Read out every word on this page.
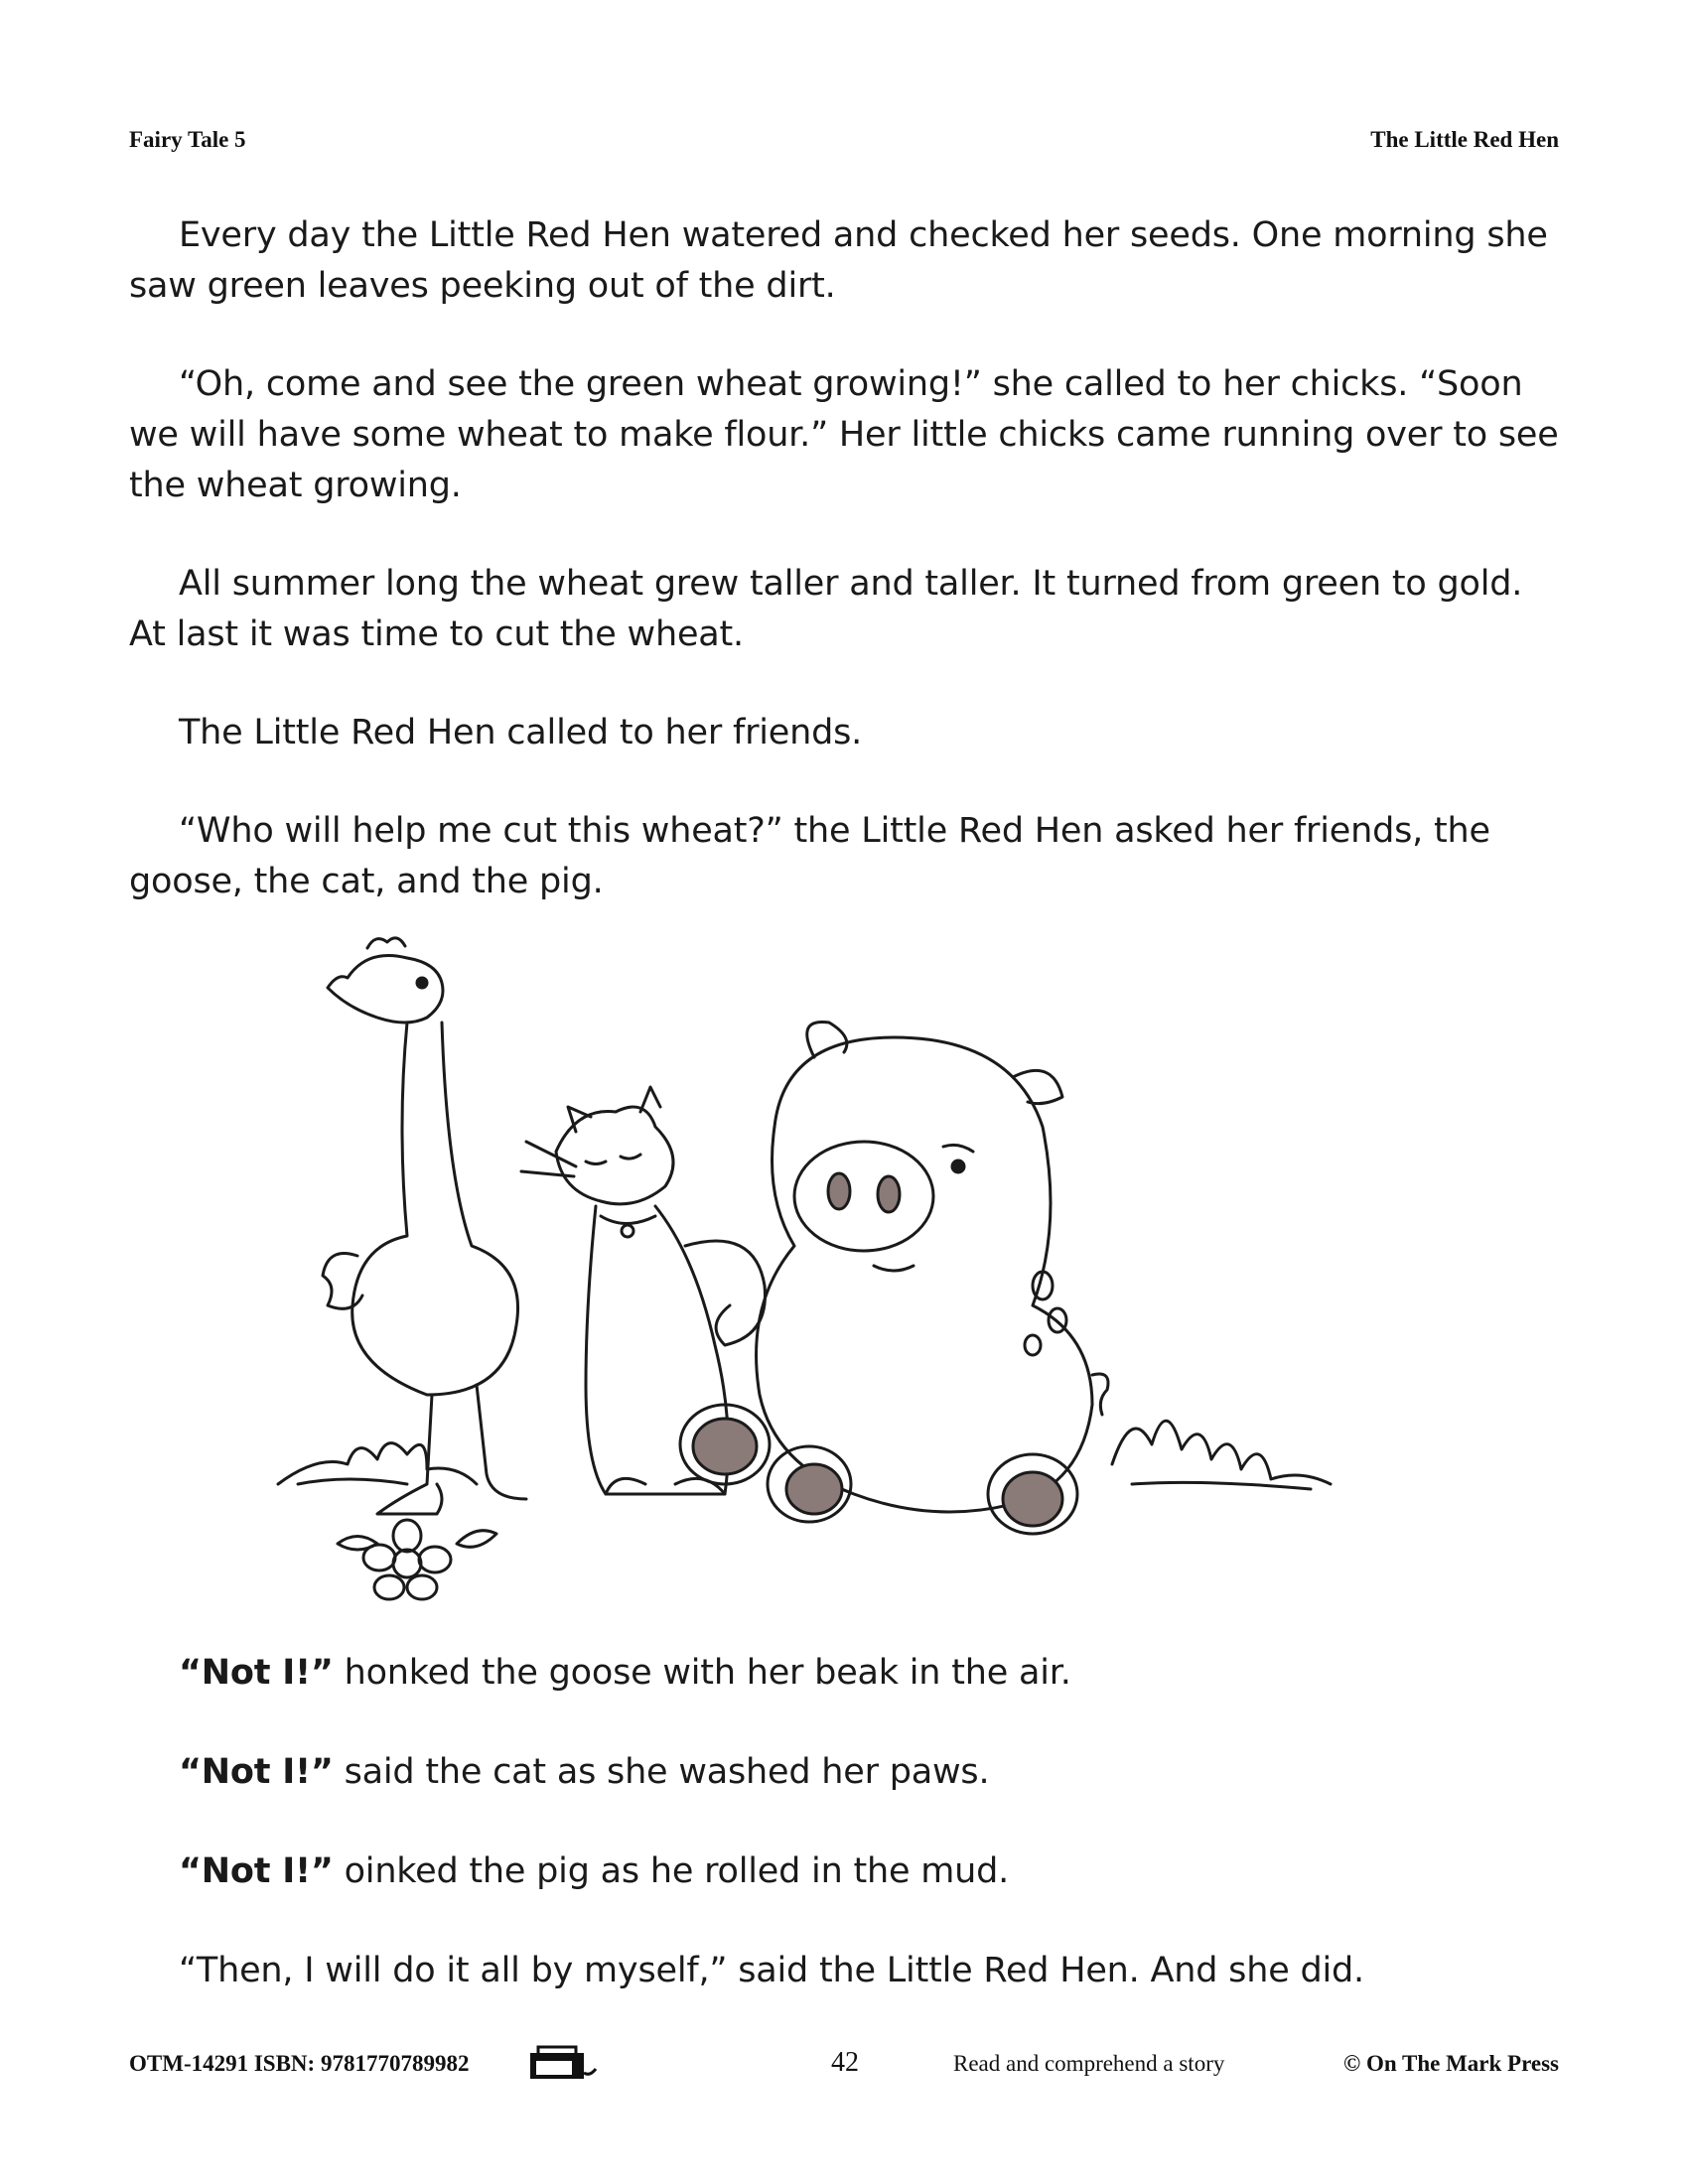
Fairy Tale 5	The Little Red Hen

Every day the Little Red Hen watered and checked her seeds. One morning she saw green leaves peeking out of the dirt.

“Oh, come and see the green wheat growing!” she called to her chicks. “Soon we will have some wheat to make flour.” Her little chicks came running over to see the wheat growing.

All summer long the wheat grew taller and taller. It turned from green to gold. At last it was time to cut the wheat.

The Little Red Hen called to her friends.

“Who will help me cut this wheat?” the Little Red Hen asked her friends, the goose, the cat, and the pig.

“Not I!” honked the goose with her beak in the air.
“Not I!” said the cat as she washed her paws.
“Not I!” oinked the pig as he rolled in the mud.
“Then, I will do it all by myself,” said the Little Red Hen. And she did.
OTM-14291 ISBN: 9781770789982	42	Read and comprehend a story	© On The Mark Press
